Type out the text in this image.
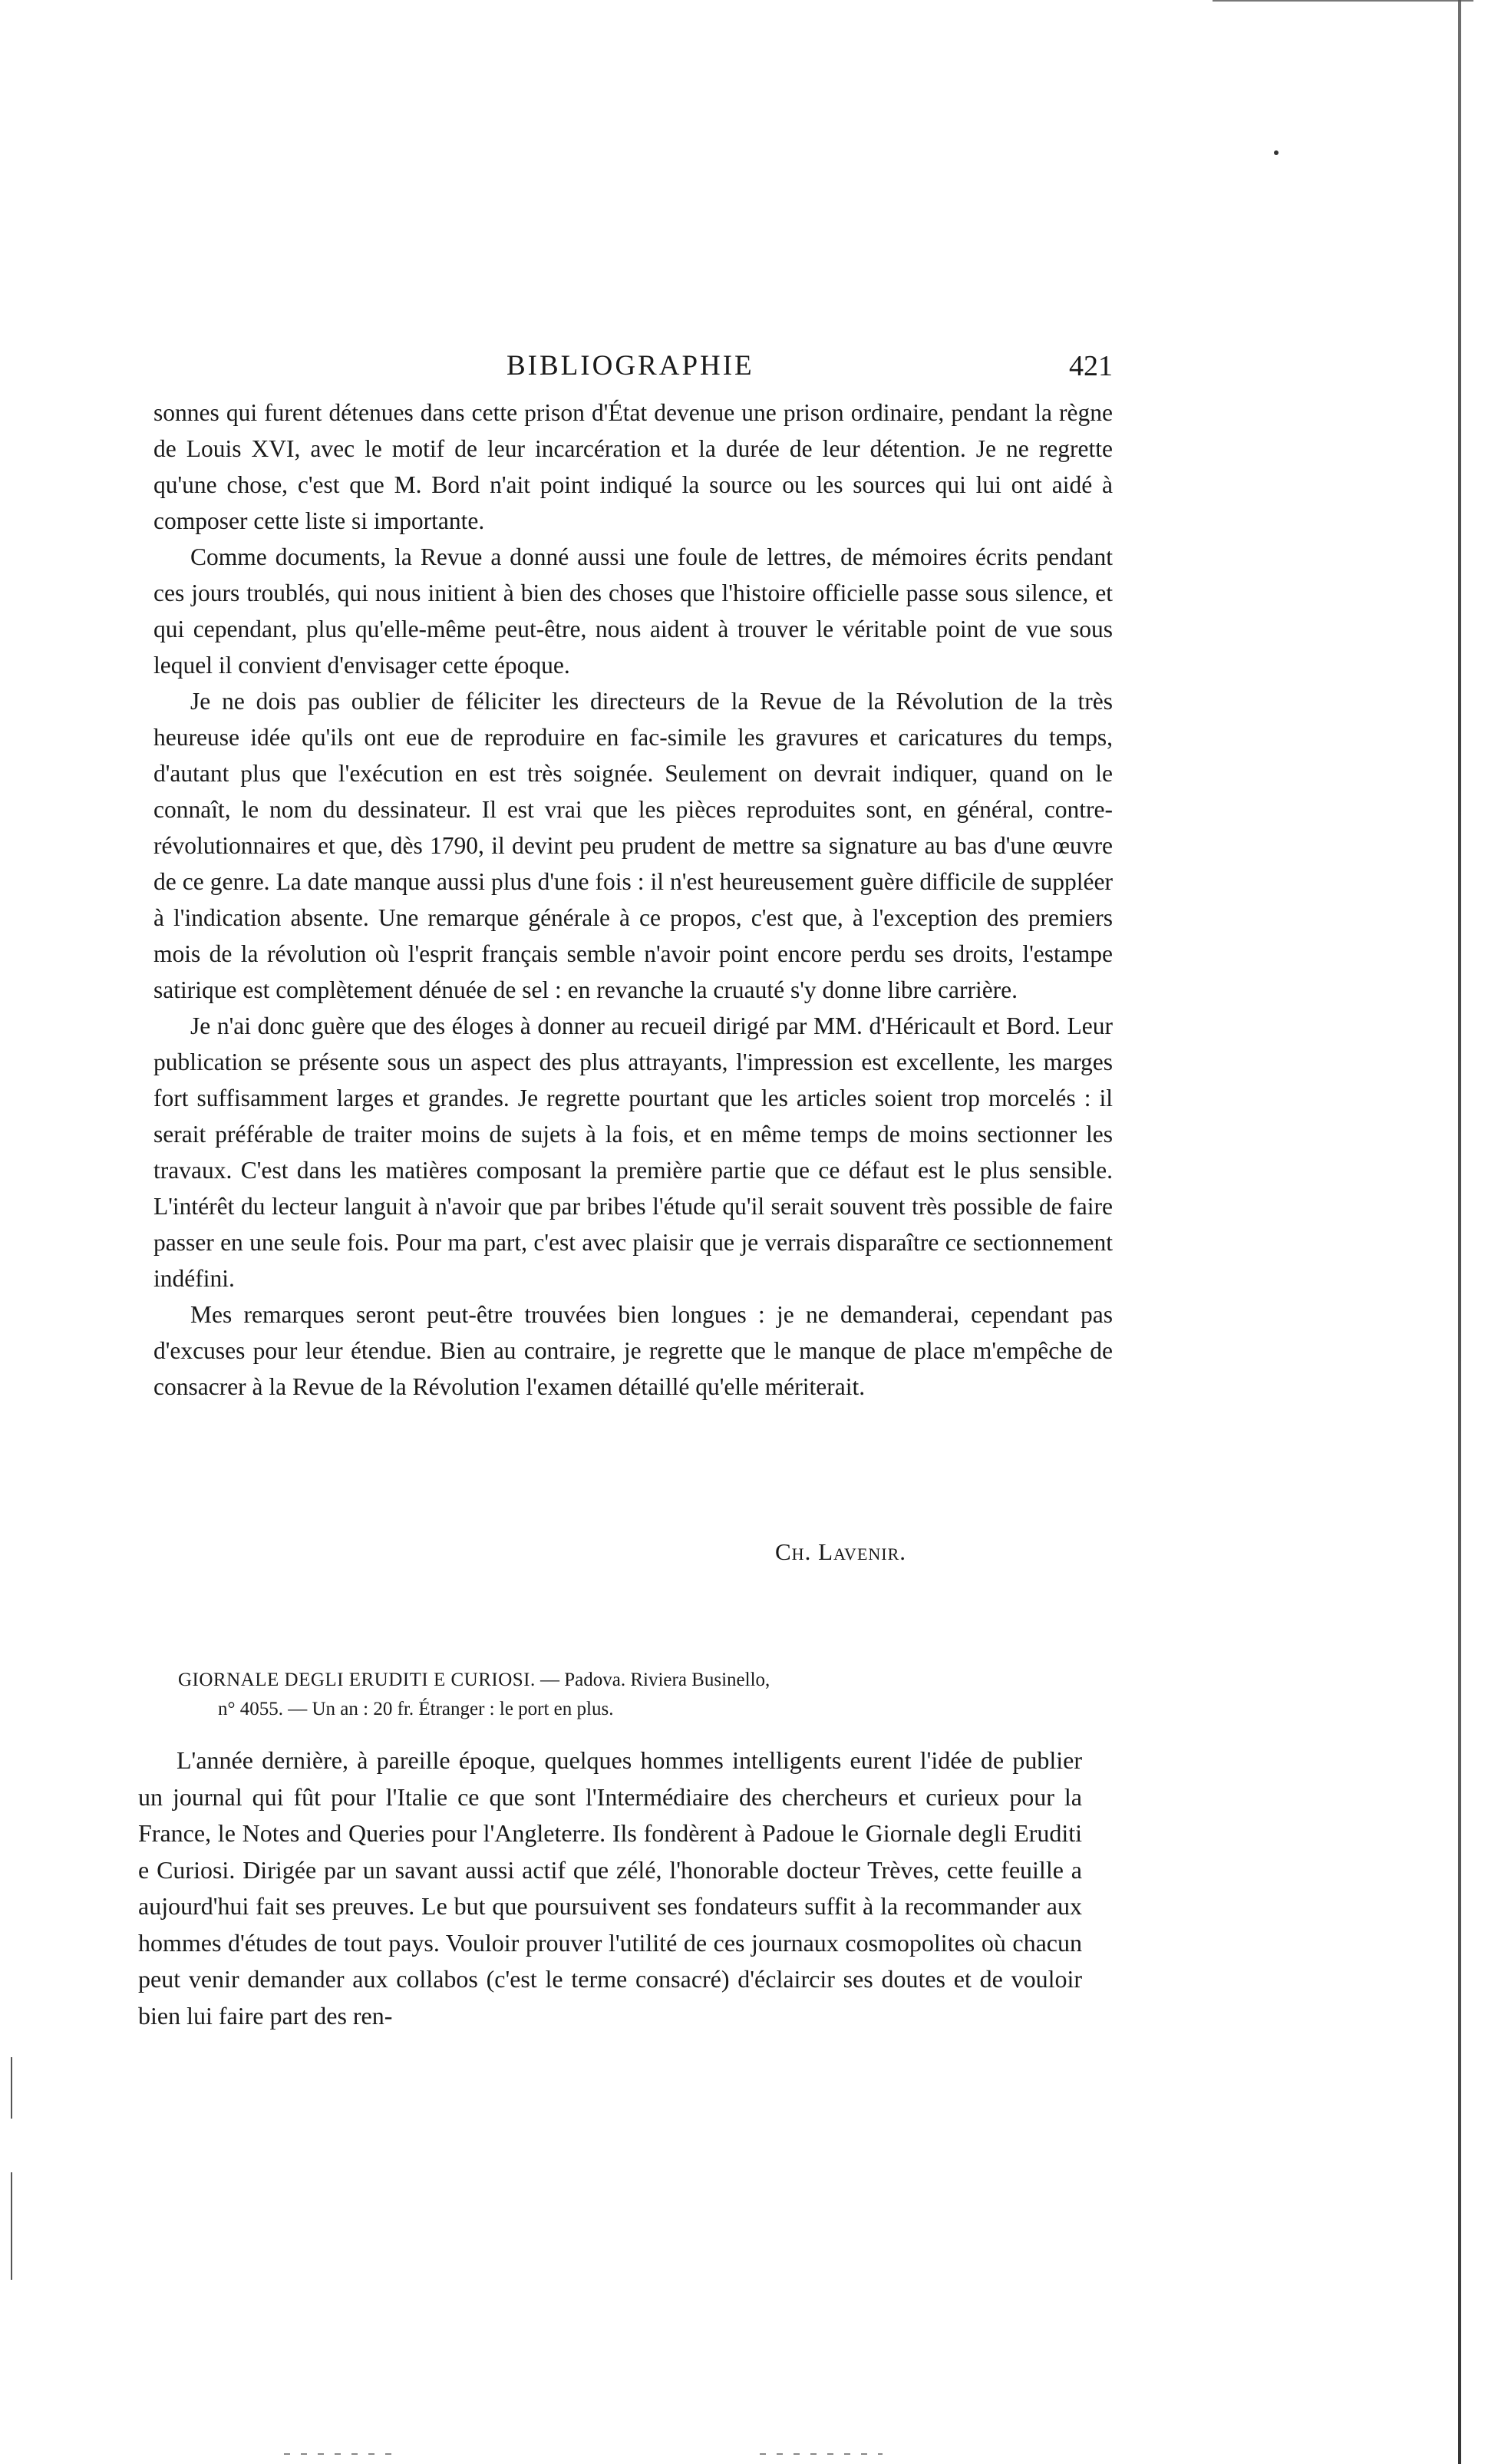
BIBLIOGRAPHIE	421

sonnes qui furent détenues dans cette prison d'État devenue une prison ordinaire, pendant la règne de Louis XVI, avec le motif de leur incarcération et la durée de leur détention. Je ne regrette qu'une chose, c'est que M. Bord n'ait point indiqué la source ou les sources qui lui ont aidé à composer cette liste si importante.

Comme documents, la Revue a donné aussi une foule de lettres, de mémoires écrits pendant ces jours troublés, qui nous initient à bien des choses que l'histoire officielle passe sous silence, et qui cependant, plus qu'elle-même peut-être, nous aident à trouver le véritable point de vue sous lequel il convient d'envisager cette époque.

Je ne dois pas oublier de féliciter les directeurs de la Revue de la Révolution de la très heureuse idée qu'ils ont eue de reproduire en fac-simile les gravures et caricatures du temps, d'autant plus que l'exécution en est très soignée. Seulement on devrait indiquer, quand on le connaît, le nom du dessinateur. Il est vrai que les pièces reproduites sont, en général, contre-révolutionnaires et que, dès 1790, il devint peu prudent de mettre sa signature au bas d'une œuvre de ce genre. La date manque aussi plus d'une fois : il n'est heureusement guère difficile de suppléer à l'indication absente. Une remarque générale à ce propos, c'est que, à l'exception des premiers mois de la révolution où l'esprit français semble n'avoir point encore perdu ses droits, l'estampe satirique est complètement dénuée de sel : en revanche la cruauté s'y donne libre carrière.

Je n'ai donc guère que des éloges à donner au recueil dirigé par MM. d'Héricault et Bord. Leur publication se présente sous un aspect des plus attrayants, l'impression est excellente, les marges fort suffisamment larges et grandes. Je regrette pourtant que les articles soient trop morcelés : il serait préférable de traiter moins de sujets à la fois, et en même temps de moins sectionner les travaux. C'est dans les matières composant la première partie que ce défaut est le plus sensible. L'intérêt du lecteur languit à n'avoir que par bribes l'étude qu'il serait souvent très possible de faire passer en une seule fois. Pour ma part, c'est avec plaisir que je verrais disparaître ce sectionnement indéfini.

Mes remarques seront peut-être trouvées bien longues : je ne demanderai, cependant pas d'excuses pour leur étendue. Bien au contraire, je regrette que le manque de place m'empêche de consacrer à la Revue de la Révolution l'examen détaillé qu'elle mériterait.

Ch. Lavenir.
GIORNALE DEGLI ERUDITI E CURIOSI. — Padova. Riviera Businello,
n° 4055. — Un an : 20 fr. Étranger : le port en plus.

L'année dernière, à pareille époque, quelques hommes intelligents eurent l'idée de publier un journal qui fût pour l'Italie ce que sont l'Intermédiaire des chercheurs et curieux pour la France, le Notes and Queries pour l'Angleterre. Ils fondèrent à Padoue le Giornale degli Eruditi e Curiosi. Dirigée par un savant aussi actif que zélé, l'honorable docteur Trèves, cette feuille a aujourd'hui fait ses preuves. Le but que poursuivent ses fondateurs suffit à la recommander aux hommes d'études de tout pays. Vouloir prouver l'utilité de ces journaux cosmopolites où chacun peut venir demander aux collabos (c'est le terme consacré) d'éclaircir ses doutes et de vouloir bien lui faire part des ren-
